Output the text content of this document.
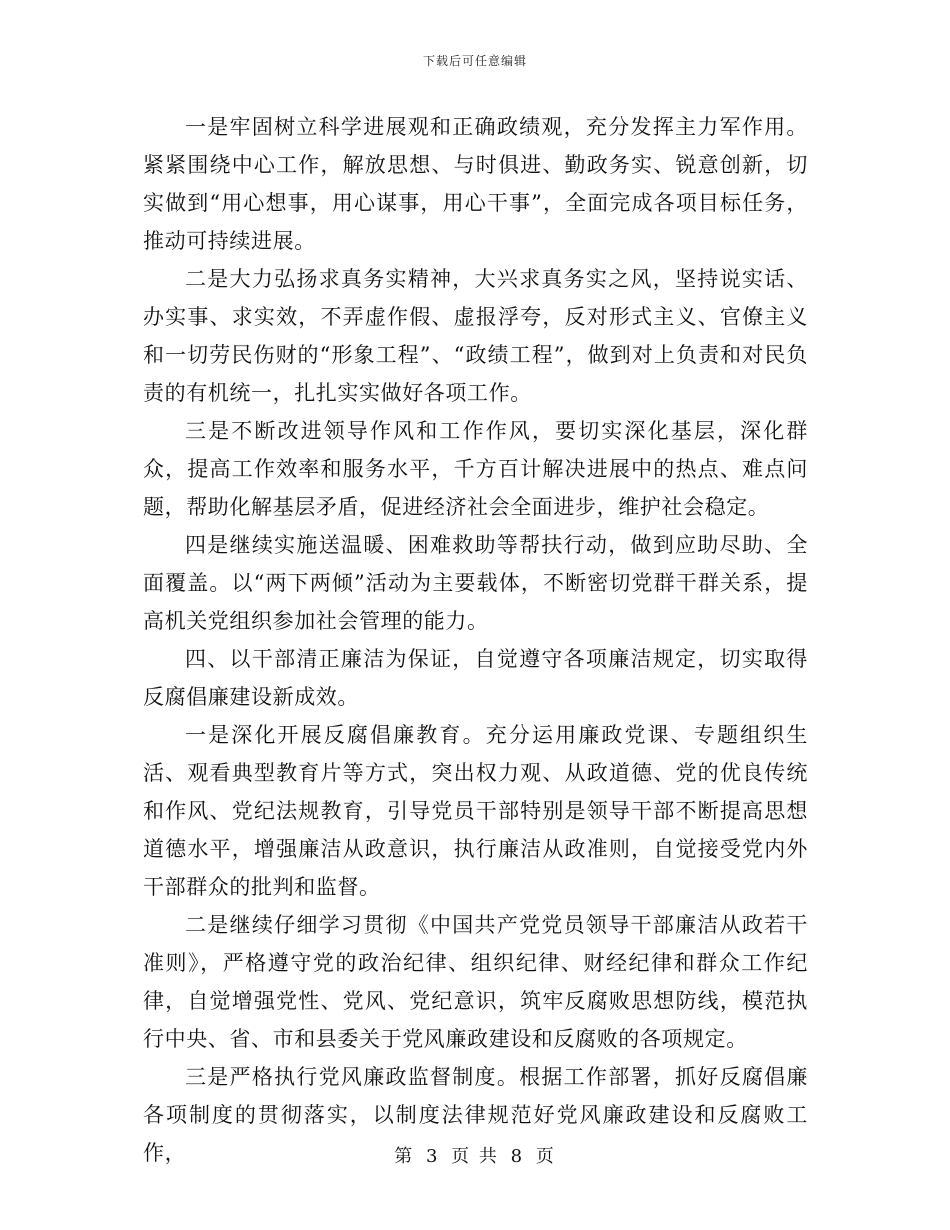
下载后可任意编辑

一是牢固树立科学进展观和正确政绩观，充分发挥主力军作用。紧紧围绕中心工作，解放思想、与时俱进、勤政务实、锐意创新，切实做到“用心想事，用心谋事，用心干事”，全面完成各项目标任务，推动可持续进展。

二是大力弘扬求真务实精神，大兴求真务实之风，坚持说实话、办实事、求实效，不弄虚作假、虚报浮夸，反对形式主义、官僚主义和一切劳民伤财的“形象工程”、“政绩工程”，做到对上负责和对民负责的有机统一，扎扎实实做好各项工作。

三是不断改进领导作风和工作作风，要切实深化基层，深化群众，提高工作效率和服务水平，千方百计解决进展中的热点、难点问题，帮助化解基层矛盾，促进经济社会全面进步，维护社会稳定。

四是继续实施送温暖、困难救助等帮扶行动，做到应助尽助、全面覆盖。以“两下两倾”活动为主要载体，不断密切党群干群关系，提高机关党组织参加社会管理的能力。

四、以干部清正廉洁为保证，自觉遵守各项廉洁规定，切实取得反腐倡廉建设新成效。

一是深化开展反腐倡廉教育。充分运用廉政党课、专题组织生活、观看典型教育片等方式，突出权力观、从政道德、党的优良传统和作风、党纪法规教育，引导党员干部特别是领导干部不断提高思想道德水平，增强廉洁从政意识，执行廉洁从政准则，自觉接受党内外干部群众的批判和监督。

二是继续仔细学习贯彻《中国共产党党员领导干部廉洁从政若干准则》，严格遵守党的政治纪律、组织纪律、财经纪律和群众工作纪律，自觉增强党性、党风、党纪意识，筑牢反腐败思想防线，模范执行中央、省、市和县委关于党风廉政建设和反腐败的各项规定。

三是严格执行党风廉政监督制度。根据工作部署，抓好反腐倡廉各项制度的贯彻落实，以制度法律规范好党风廉政建设和反腐败工作，	第 3 页 共 8 页
